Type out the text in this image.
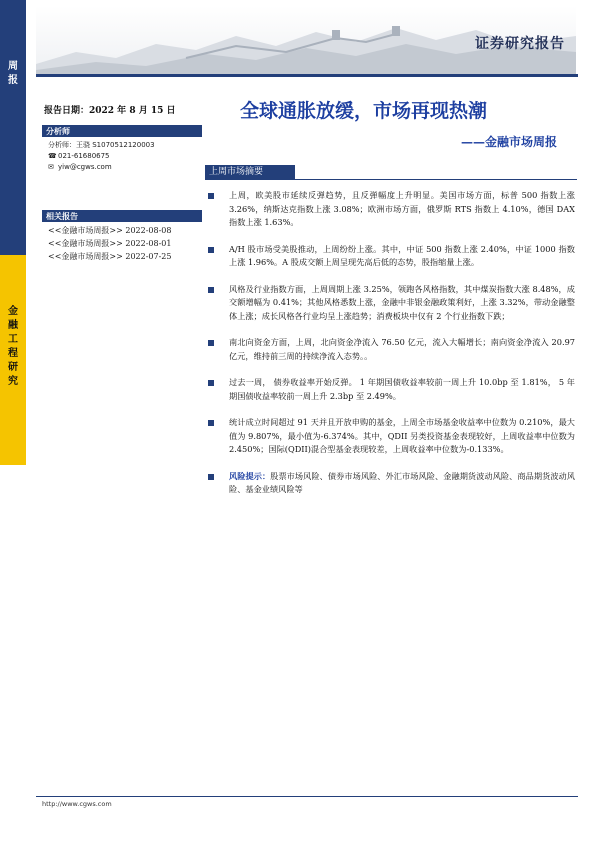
周
报
金
融
工
程
研
究
证券研究报告
报告日期：2022 年 8 月 15 日
分析师
分析师：王骁 S1070512120003
☎021-61680675
✉ yiw@cgws.com
相关报告
<<金融市场周报>> 2022-08-08
<<金融市场周报>> 2022-08-01
<<金融市场周报>> 2022-07-25
全球通胀放缓，市场再现热潮
——金融市场周报
上周市场摘要
上周，欧美股市延续反弹趋势，且反弹幅度上升明显。美国市场方面，标普 500 指数上涨 3.26%，纳斯达克指数上涨 3.08%；欧洲市场方面，俄罗斯 RTS 指数上 4.10%，德国 DAX 指数上涨 1.63%。
A/H 股市场受美股推动，上周纷纷上涨。其中，中证 500 指数上涨 2.40%，中证 1000 指数上涨 1.96%。A 股成交额上周呈现先高后低的态势，股指缩量上涨。
风格及行业指数方面，上周周期上涨 3.25%，领跑各风格指数，其中煤炭指数大涨 8.48%，成交额增幅为 0.41%；其他风格悉数上涨，金融中非银金融政策利好，上涨 3.32%，带动金融整体上涨；成长风格各行业均呈上涨趋势；消费板块中仅有 2 个行业指数下跌；
南北向资金方面，上周，北向资金净流入 76.50 亿元，流入大幅增长；南向资金净流入 20.97 亿元，维持前三周的持续净流入态势。。
过去一周， 债券收益率开始反弹。 1 年期国债收益率较前一周上升 10.0bp 至 1.81%， 5 年期国债收益率较前一周上升 2.3bp 至 2.49%。
统计成立时间超过 91 天并且开放申购的基金，上周全市场基金收益率中位数为 0.210%，最大值为 9.807%，最小值为-6.374%。其中，QDII 另类投资基金表现较好，上周收益率中位数为 2.450%；国际(QDII)混合型基金表现较差，上周收益率中位数为-0.133%。
风险提示：股票市场风险、债券市场风险、外汇市场风险、金融期货波动风险、商品期货波动风险、基金业绩风险等
http://www.cgws.com
